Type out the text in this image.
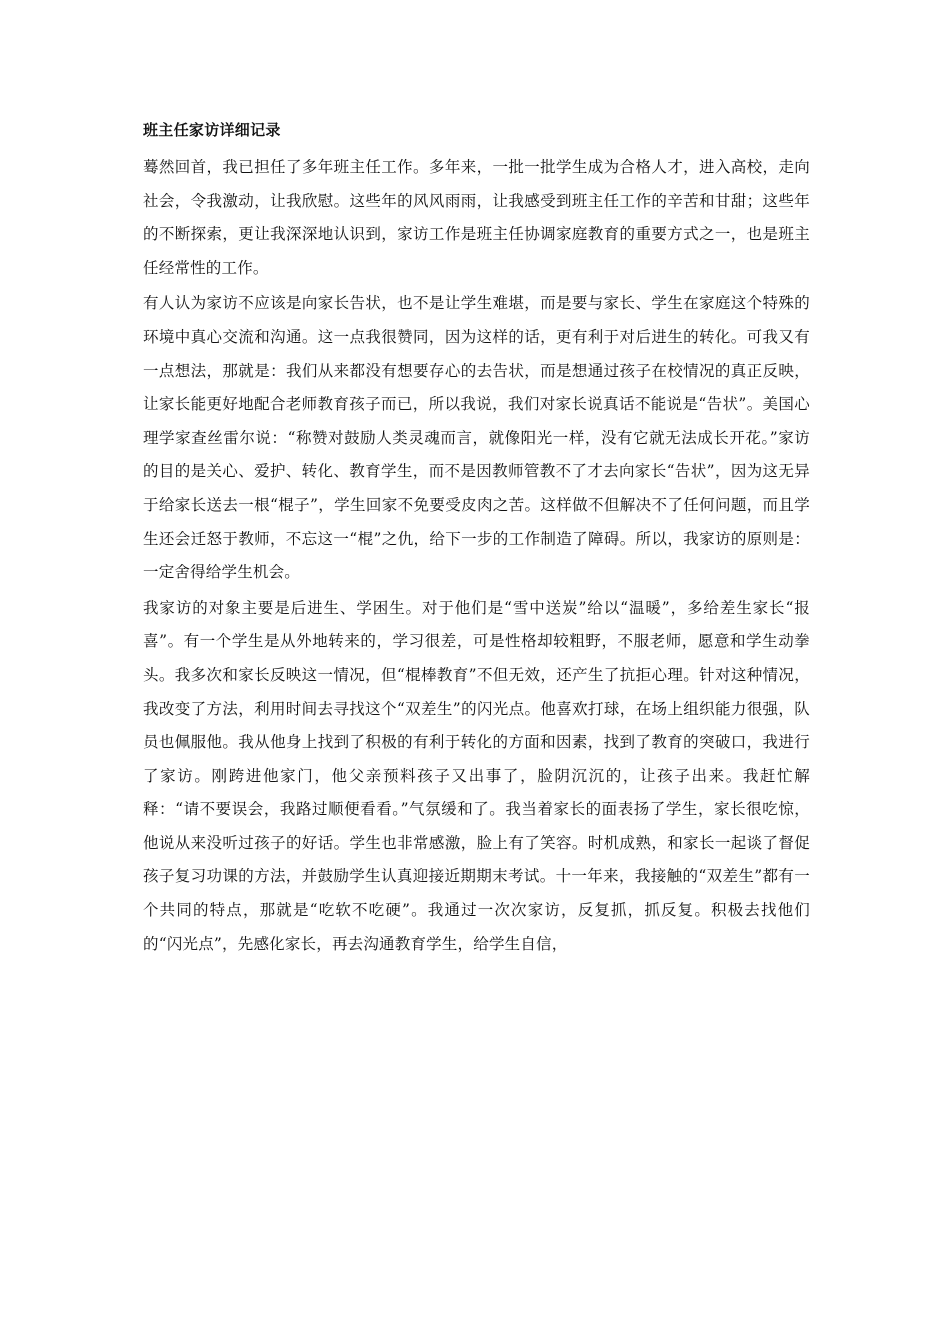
班主任家访详细记录

蓦然回首，我已担任了多年班主任工作。多年来，一批一批学生成为合格人才，进入高校，走向社会，令我激动，让我欣慰。这些年的风风雨雨，让我感受到班主任工作的辛苦和甘甜；这些年的不断探索，更让我深深地认识到，家访工作是班主任协调家庭教育的重要方式之一，也是班主任经常性的工作。

有人认为家访不应该是向家长告状，也不是让学生难堪，而是要与家长、学生在家庭这个特殊的环境中真心交流和沟通。这一点我很赞同，因为这样的话，更有利于对后进生的转化。可我又有一点想法，那就是：我们从来都没有想要存心的去告状，而是想通过孩子在校情况的真正反映，让家长能更好地配合老师教育孩子而已，所以我说，我们对家长说真话不能说是“告状”。美国心理学家查丝雷尔说：“称赞对鼓励人类灵魂而言，就像阳光一样，没有它就无法成长开花。”家访的目的是关心、爱护、转化、教育学生，而不是因教师管教不了才去向家长“告状”，因为这无异于给家长送去一根“棍子”，学生回家不免要受皮肉之苦。这样做不但解决不了任何问题，而且学生还会迁怒于教师，不忘这一“棍”之仇，给下一步的工作制造了障碍。所以，我家访的原则是：一定舍得给学生机会。

我家访的对象主要是后进生、学困生。对于他们是“雪中送炭”给以“温暖”，多给差生家长“报喜”。有一个学生是从外地转来的，学习很差，可是性格却较粗野，不服老师，愿意和学生动拳头。我多次和家长反映这一情况，但“棍棒教育”不但无效，还产生了抗拒心理。针对这种情况，我改变了方法，利用时间去寻找这个“双差生”的闪光点。他喜欢打球，在场上组织能力很强，队员也佩服他。我从他身上找到了积极的有利于转化的方面和因素，找到了教育的突破口，我进行了家访。刚跨进他家门，他父亲预料孩子又出事了，脸阴沉沉的，让孩子出来。我赶忙解释：“请不要误会，我路过顺便看看。”气氛缓和了。我当着家长的面表扬了学生，家长很吃惊，他说从来没听过孩子的好话。学生也非常感激，脸上有了笑容。时机成熟，和家长一起谈了督促孩子复习功课的方法，并鼓励学生认真迎接近期期末考试。十一年来，我接触的“双差生”都有一个共同的特点，那就是“吃软不吃硬”。我通过一次次家访，反复抓，抓反复。积极去找他们的“闪光点”，先感化家长，再去沟通教育学生，给学生自信，
